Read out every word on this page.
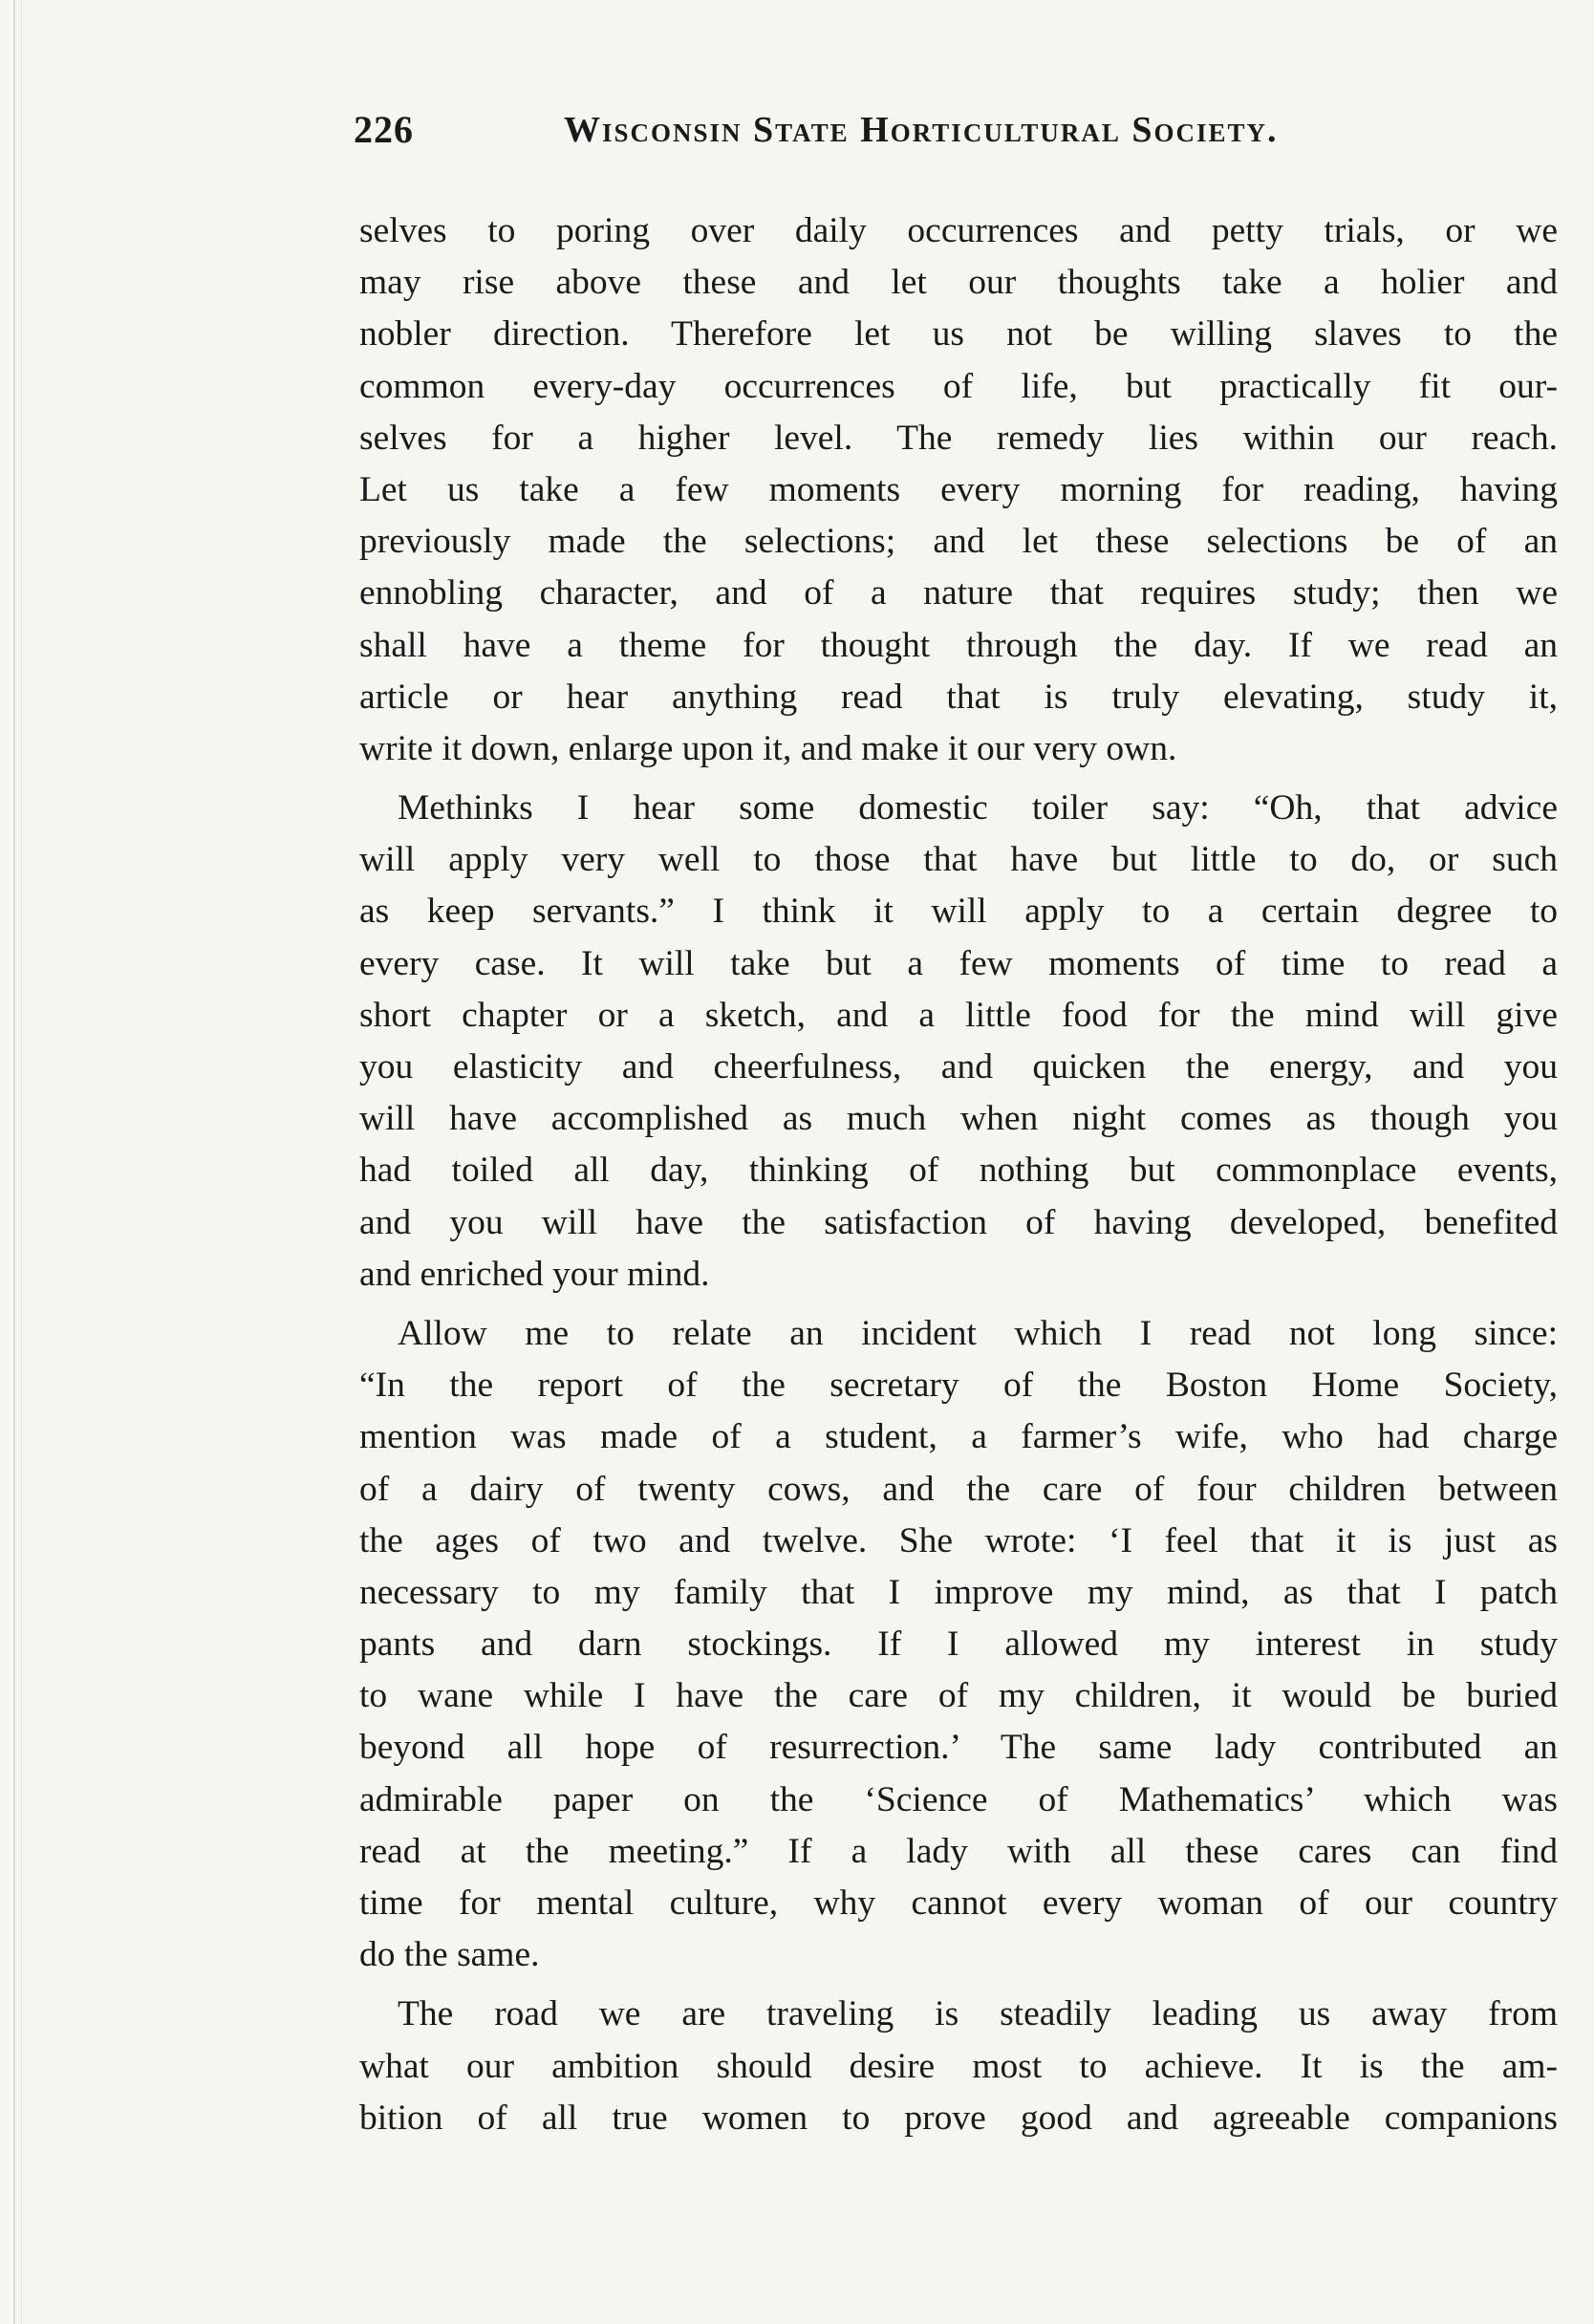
226	Wisconsin State Horticultural Society.
selves to poring over daily occurrences and petty trials, or we
may rise above these and let our thoughts take a holier and
nobler direction. Therefore let us not be willing slaves to the
common every-day occurrences of life, but practically fit our-
selves for a higher level. The remedy lies within our reach.
Let us take a few moments every morning for reading, having
previously made the selections; and let these selections be of an
ennobling character, and of a nature that requires study; then we
shall have a theme for thought through the day. If we read an
article or hear anything read that is truly elevating, study it,
write it down, enlarge upon it, and make it our very own.
Methinks I hear some domestic toiler say: “Oh, that advice
will apply very well to those that have but little to do, or such
as keep servants.” I think it will apply to a certain degree to
every case. It will take but a few moments of time to read a
short chapter or a sketch, and a little food for the mind will give
you elasticity and cheerfulness, and quicken the energy, and you
will have accomplished as much when night comes as though you
had toiled all day, thinking of nothing but commonplace events,
and you will have the satisfaction of having developed, benefited
and enriched your mind.
Allow me to relate an incident which I read not long since:
“In the report of the secretary of the Boston Home Society,
mention was made of a student, a farmer’s wife, who had charge
of a dairy of twenty cows, and the care of four children between
the ages of two and twelve. She wrote: ‘I feel that it is just as
necessary to my family that I improve my mind, as that I patch
pants and darn stockings. If I allowed my interest in study
to wane while I have the care of my children, it would be buried
beyond all hope of resurrection.’ The same lady contributed an
admirable paper on the ‘Science of Mathematics’ which was
read at the meeting.” If a lady with all these cares can find
time for mental culture, why cannot every woman of our country
do the same.
The road we are traveling is steadily leading us away from
what our ambition should desire most to achieve. It is the am-
bition of all true women to prove good and agreeable companions
